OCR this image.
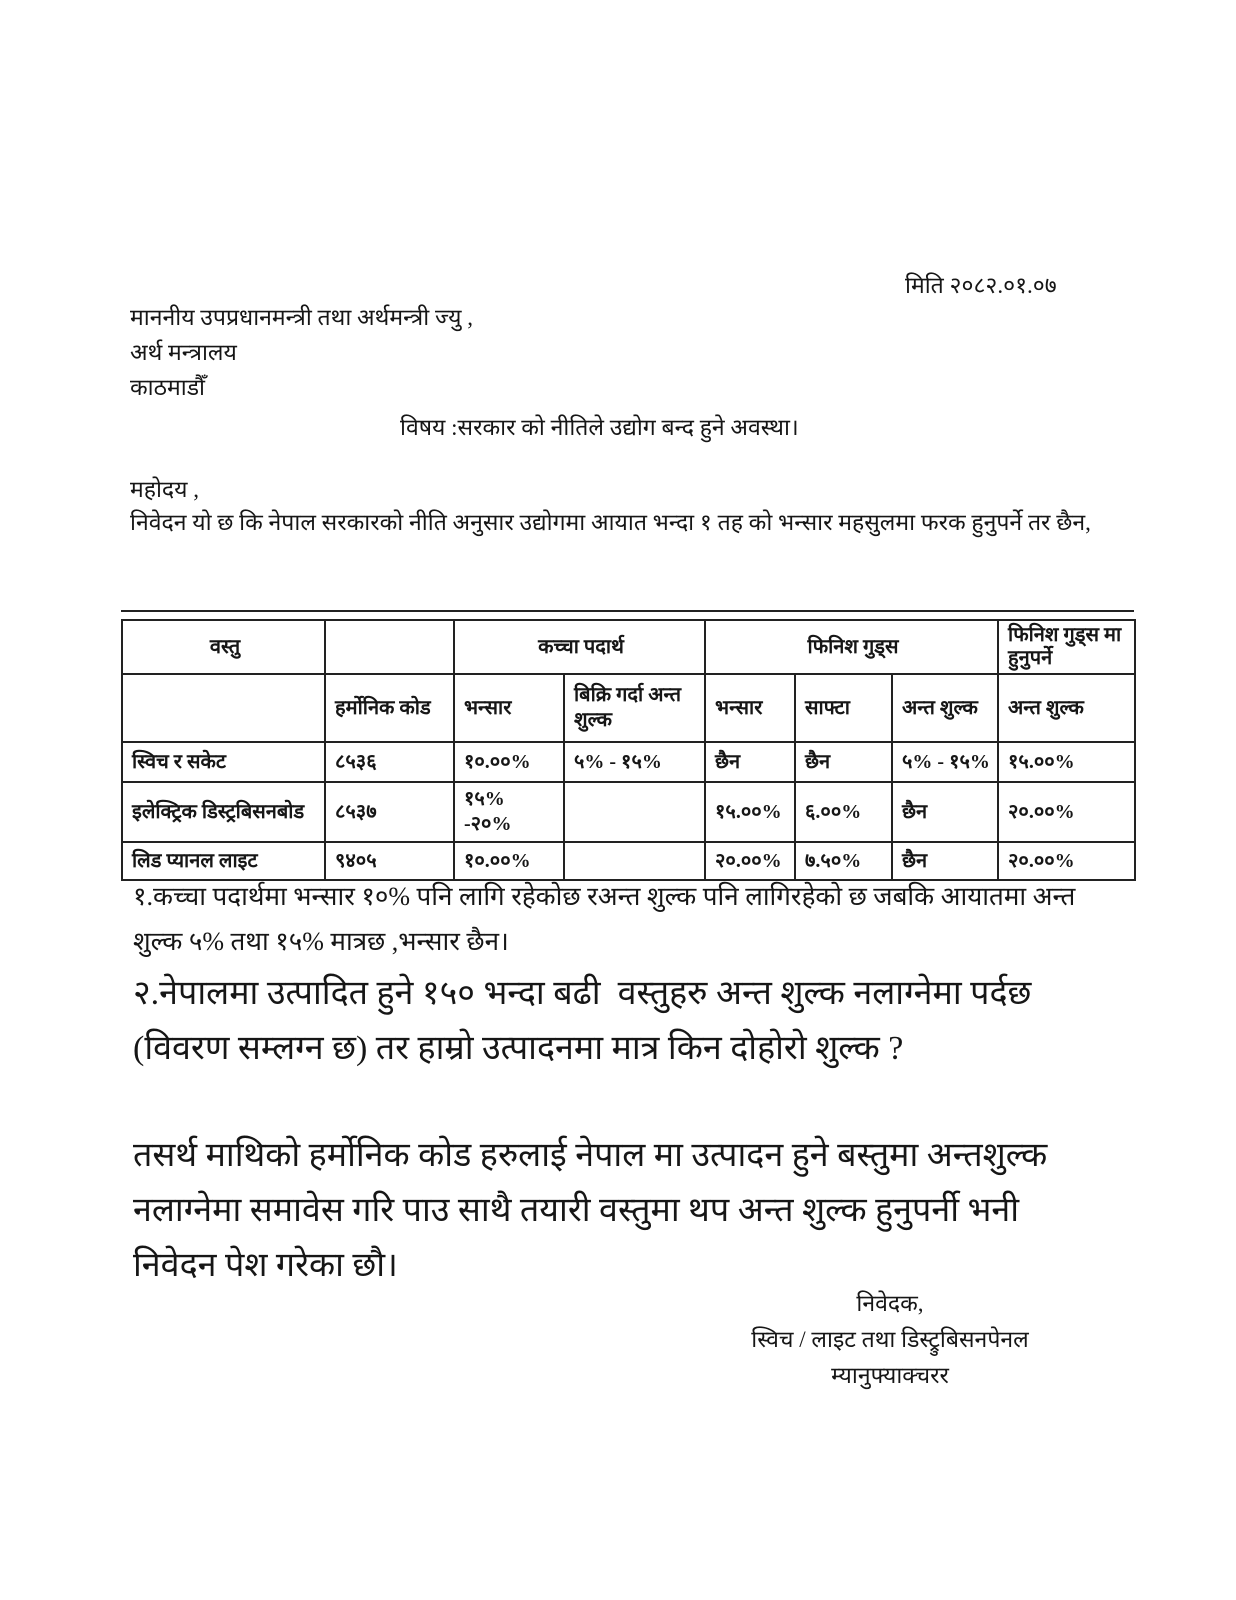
मिति २०८२.०१.०७
माननीय उपप्रधानमन्त्री तथा अर्थमन्त्री ज्यु ,
अर्थ मन्त्रालय
काठमाडौँ
विषय :सरकार को नीतिले उद्योग बन्द हुने अवस्था।
महोदय ,
निवेदन यो छ कि नेपाल सरकारको नीति अनुसार उद्योगमा आयात भन्दा १ तह को भन्सार महसुलमा फरक हुनुपर्ने तर छैन,
वस्तु		कच्चा पदार्थ		फिनिश गुड्स			फिनिश गुड्स मा हुनुपर्ने
	हर्मोनिक कोड	भन्सार	बिक्रि गर्दा अन्त शुल्क	भन्सार	साफ्टा	अन्त शुल्क	अन्त शुल्क
स्विच र सकेट	८५३६	१०.००%	५% - १५%	छैन	छैन	५% - १५%	१५.००%
इलेक्ट्रिक डिस्ट्रबिसनबोड	८५३७	१५% -२०%		१५.००%	६.००%	छैन	२०.००%
लिड प्यानल लाइट	९४०५	१०.००%		२०.००%	७.५०%	छैन	२०.००%
१.कच्चा पदार्थमा भन्सार १०% पनि लागि रहेकोछ रअन्त शुल्क पनि लागिरहेको छ जबकि आयातमा अन्त शुल्क ५% तथा १५% मात्रछ ,भन्सार छैन।
२.नेपालमा उत्पादित हुने १५० भन्दा बढी  वस्तुहरु अन्त शुल्क नलाग्नेमा पर्दछ (विवरण सम्लग्न छ) तर हाम्रो उत्पादनमा मात्र किन दोहोरो शुल्क ?
तसर्थ माथिको हर्मोनिक कोड हरुलाई नेपाल मा उत्पादन हुने बस्तुमा अन्तशुल्क नलाग्नेमा समावेस गरि पाउ साथै तयारी वस्तुमा थप अन्त शुल्क हुनुपर्नी भनी निवेदन पेश गरेका छौ।
निवेदक,
स्विच / लाइट तथा डिस्ट्रुबिसनपेनल
म्यानुफ्याक्चरर
